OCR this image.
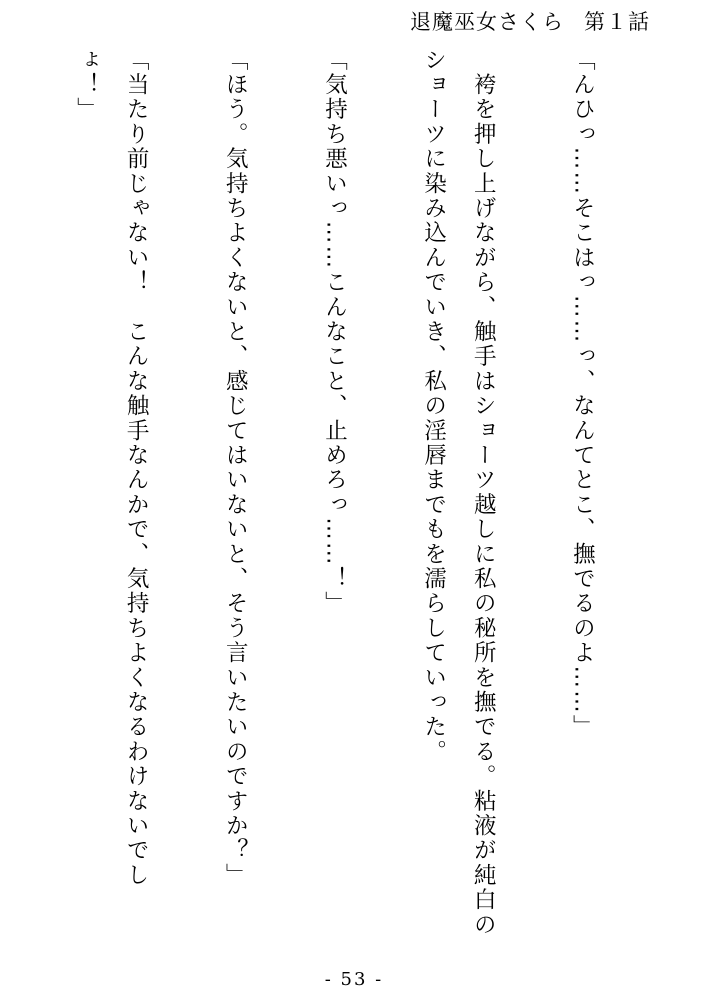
退魔巫女さくら 第１話

「んひっ……そこはっ……っ、なんてとこ、撫でるのよ……」

　袴を押し上げながら、触手はショーツ越しに私の秘所を撫でる。粘液が純白のショーツに染み込んでいき、私の淫唇までもを濡らしていった。

「気持ち悪いっ……こんなこと、止めろっ……！」

「ほう。気持ちよくないと、感じてはいないと、そう言いたいのですか？」

「当たり前じゃない！　こんな触手なんかで、気持ちよくなるわけないでしょ！」

- 53 -
